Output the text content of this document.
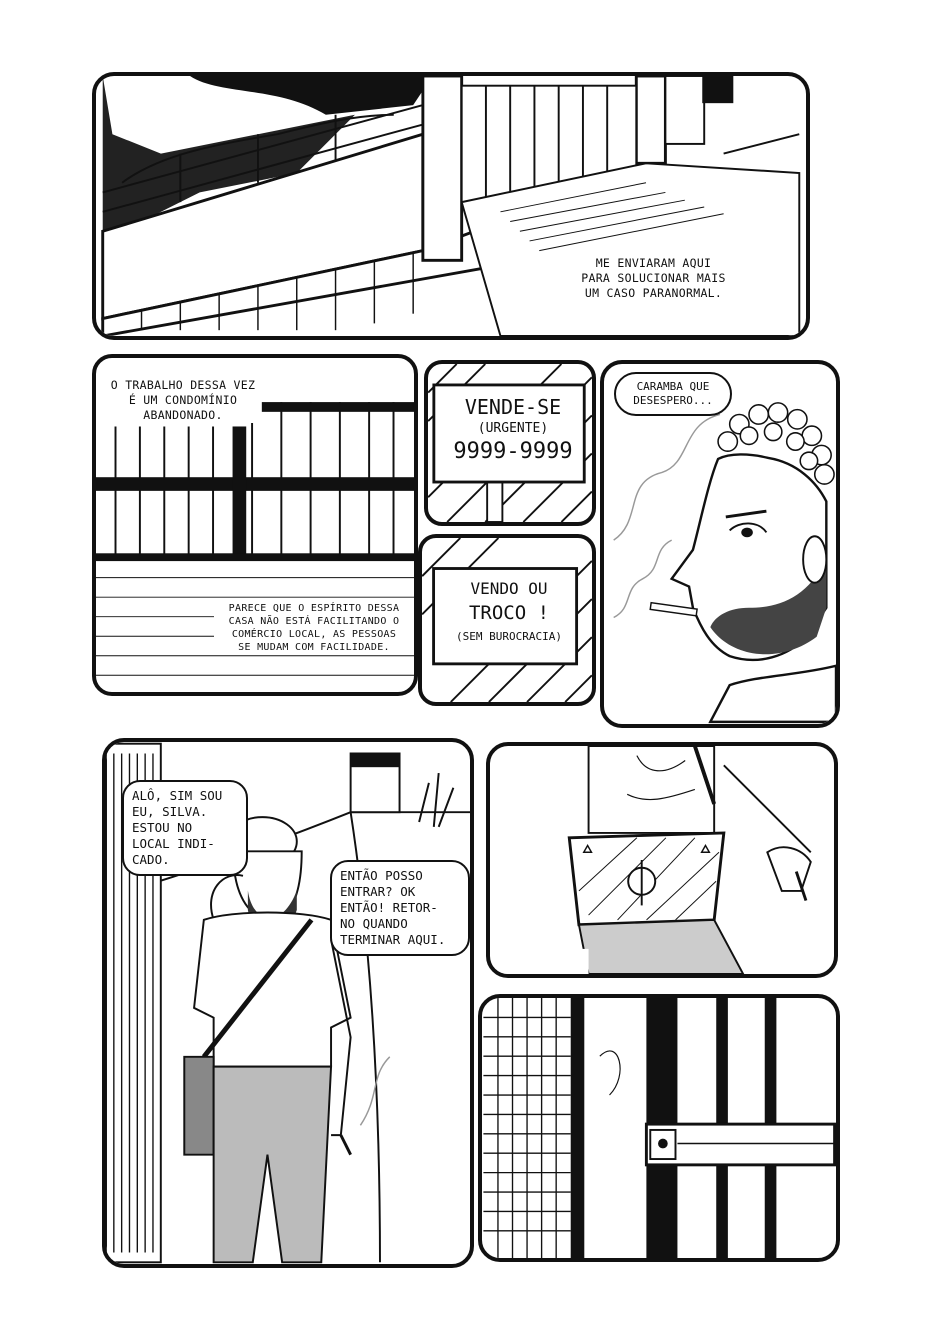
ME ENVIARAM AQUI
PARA SOLUCIONAR MAIS
UM CASO PARANORMAL.
O TRABALHO DESSA VEZ
É UM CONDOMÍNIO
ABANDONADO.
PARECE QUE O ESPÍRITO DESSA
CASA NÃO ESTÁ FACILITANDO O
COMÉRCIO LOCAL, AS PESSOAS
SE MUDAM COM FACILIDADE.
VENDE-SE
(URGENTE)
9999-9999
VENDO OU
TROCO !
(SEM BUROCRACIA)
CARAMBA QUE
DESESPERO...
ALÔ, SIM SOU
EU, SILVA.
ESTOU NO
LOCAL INDI-
CADO.
ENTÃO POSSO
ENTRAR? OK
ENTÃO! RETOR-
NO QUANDO
TERMINAR AQUI.
